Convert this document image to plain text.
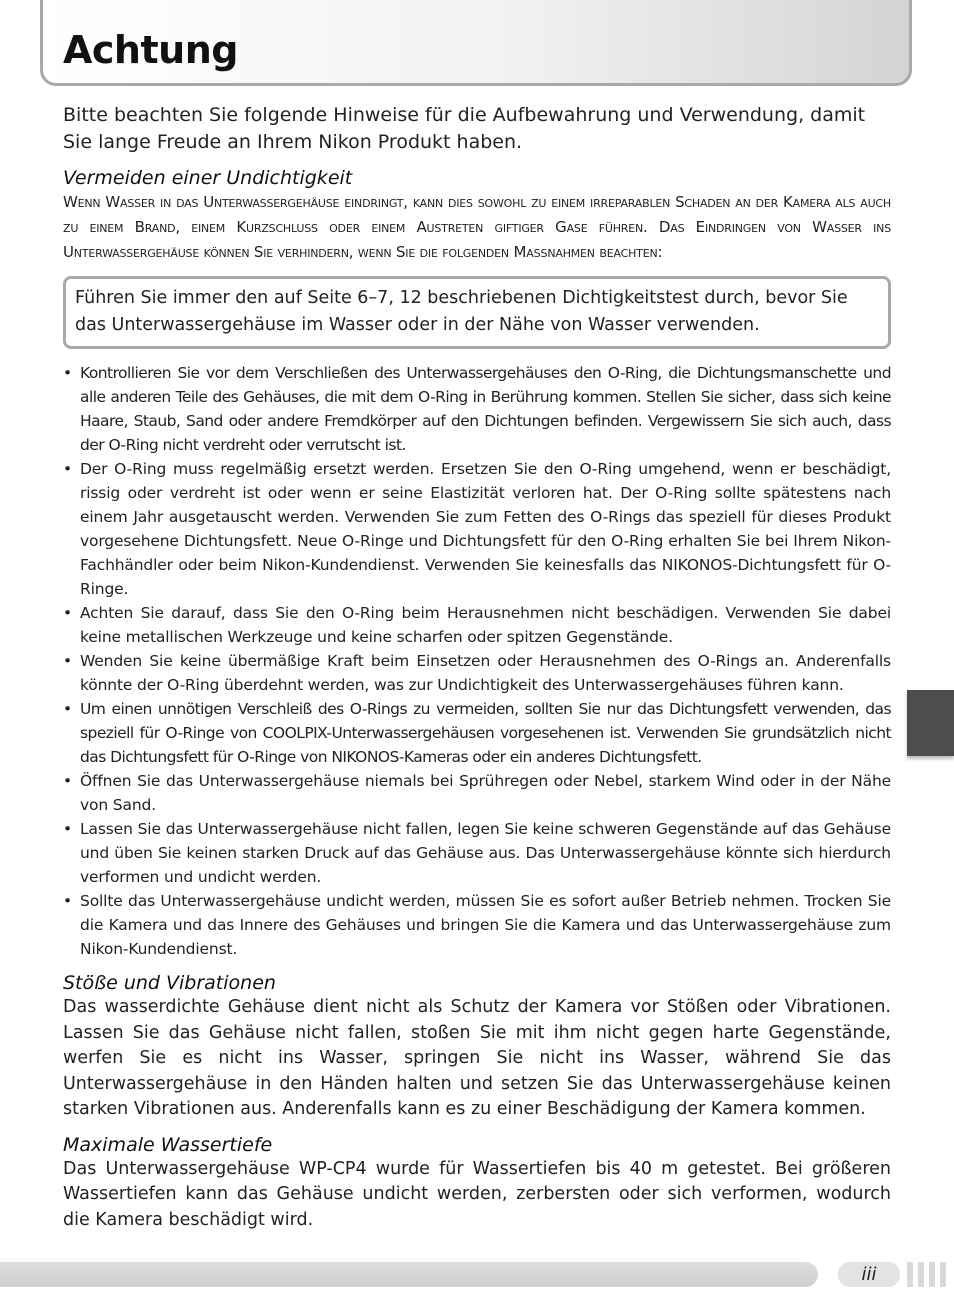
Achtung

Bitte beachten Sie folgende Hinweise für die Aufbewahrung und Verwendung, damit Sie lange Freude an Ihrem Nikon Produkt haben.

Vermeiden einer Undichtigkeit

Wenn Wasser in das Unterwassergehäuse eindringt, kann dies sowohl zu einem irreparablen Schaden an der Kamera als auch zu einem Brand, einem Kurzschluss oder einem Austreten giftiger Gase führen. Das Eindringen von Wasser ins Unterwassergehäuse können Sie verhindern, wenn Sie die folgenden Maßnahmen beachten:

Führen Sie immer den auf Seite 6–7, 12 beschriebenen Dichtigkeitstest durch, bevor Sie das Unterwassergehäuse im Wasser oder in der Nähe von Wasser verwenden.
• Kontrollieren Sie vor dem Verschließen des Unterwassergehäuses den O-Ring, die Dichtungsmanschette und alle anderen Teile des Gehäuses, die mit dem O-Ring in Berührung kommen. Stellen Sie sicher, dass sich keine Haare, Staub, Sand oder andere Fremdkörper auf den Dichtungen befinden. Vergewissern Sie sich auch, dass der O-Ring nicht verdreht oder verrutscht ist.
• Der O-Ring muss regelmäßig ersetzt werden. Ersetzen Sie den O-Ring umgehend, wenn er beschädigt, rissig oder verdreht ist oder wenn er seine Elastizität verloren hat. Der O-Ring sollte spätestens nach einem Jahr ausgetauscht werden. Verwenden Sie zum Fetten des O-Rings das speziell für dieses Produkt vorgesehene Dichtungsfett. Neue O-Ringe und Dichtungsfett für den O-Ring erhalten Sie bei Ihrem Nikon-Fachhändler oder beim Nikon-Kundendienst. Verwenden Sie keinesfalls das NIKONOS-Dichtungsfett für O-Ringe.
• Achten Sie darauf, dass Sie den O-Ring beim Herausnehmen nicht beschädigen. Verwenden Sie dabei keine metallischen Werkzeuge und keine scharfen oder spitzen Gegenstände.
• Wenden Sie keine übermäßige Kraft beim Einsetzen oder Herausnehmen des O-Rings an. Anderenfalls könnte der O-Ring überdehnt werden, was zur Undichtigkeit des Unterwassergehäuses führen kann.
• Um einen unnötigen Verschleiß des O-Rings zu vermeiden, sollten Sie nur das Dichtungsfett verwenden, das speziell für O-Ringe von COOLPIX-Unterwassergehäusen vorgesehenen ist. Verwenden Sie grundsätzlich nicht das Dichtungsfett für O-Ringe von NIKONOS-Kameras oder ein anderes Dichtungsfett.
• Öffnen Sie das Unterwassergehäuse niemals bei Sprühregen oder Nebel, starkem Wind oder in der Nähe von Sand.
• Lassen Sie das Unterwassergehäuse nicht fallen, legen Sie keine schweren Gegenstände auf das Gehäuse und üben Sie keinen starken Druck auf das Gehäuse aus. Das Unterwassergehäuse könnte sich hierdurch verformen und undicht werden.
• Sollte das Unterwassergehäuse undicht werden, müssen Sie es sofort außer Betrieb nehmen. Trocken Sie die Kamera und das Innere des Gehäuses und bringen Sie die Kamera und das Unterwassergehäuse zum Nikon-Kundendienst.
Stöße und Vibrationen

Das wasserdichte Gehäuse dient nicht als Schutz der Kamera vor Stößen oder Vibrationen. Lassen Sie das Gehäuse nicht fallen, stoßen Sie mit ihm nicht gegen harte Gegenstände, werfen Sie es nicht ins Wasser, springen Sie nicht ins Wasser, während Sie das Unterwassergehäuse in den Händen halten und setzen Sie das Unterwassergehäuse keinen starken Vibrationen aus. Anderenfalls kann es zu einer Beschädigung der Kamera kommen.

Maximale Wassertiefe

Das Unterwassergehäuse WP-CP4 wurde für Wassertiefen bis 40 m getestet. Bei größeren Wassertiefen kann das Gehäuse undicht werden, zerbersten oder sich verformen, wodurch die Kamera beschädigt wird.

iii
